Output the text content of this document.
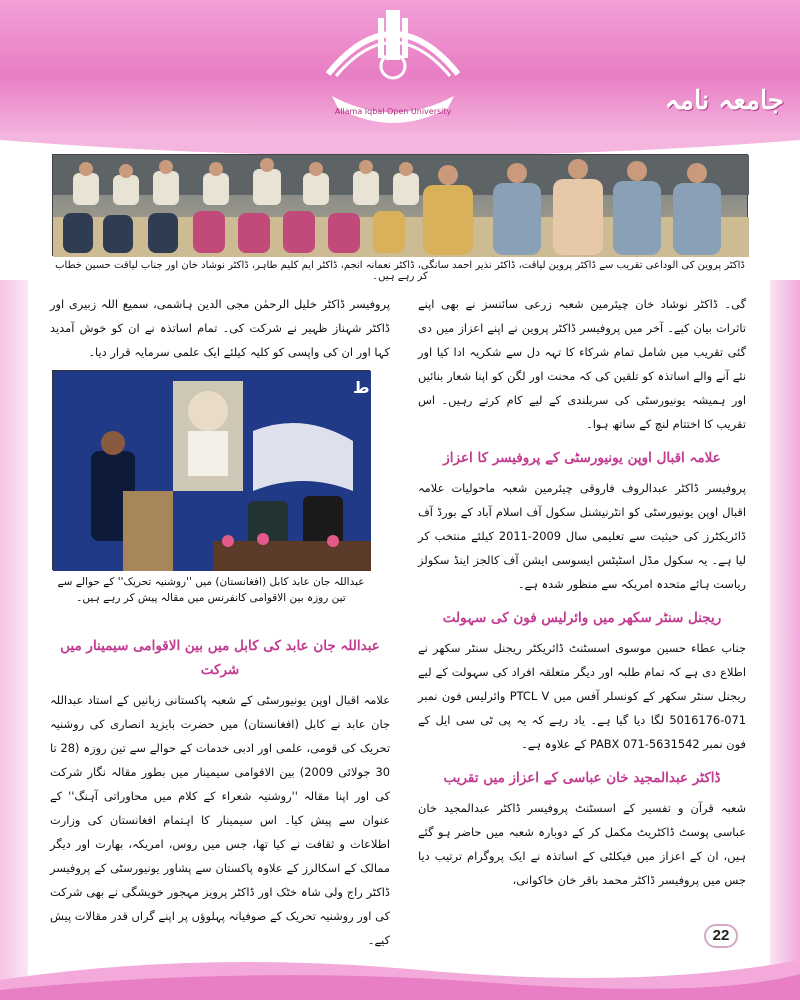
Allama Iqbal Open University	جامعہ نامہ
ڈاکٹر پروین کی الوداعی تقریب سے ڈاکٹر پروین لیاقت، ڈاکٹر نذیر احمد سانگی، ڈاکٹر نعمانہ انجم، ڈاکٹر ایم کلیم طاہر، ڈاکٹر نوشاد خان اور جناب لیاقت حسین خطاب کر رہے ہیں۔

گی۔ ڈاکٹر نوشاد خان چیئرمین شعبہ زرعی سائنسز نے بھی اپنے تاثرات بیان کیے۔ آخر میں پروفیسر ڈاکٹر پروین نے اپنے اعزاز میں دی گئی تقریب میں شامل تمام شرکاء کا تہہ دل سے شکریہ ادا کیا اور نئے آنے والے اساتذہ کو تلقین کی کہ محنت اور لگن کو اپنا شعار بنائیں اور ہمیشہ یونیورسٹی کی سربلندی کے لیے کام کرتے رہیں۔ اس تقریب کا اختتام لنچ کے ساتھ ہوا۔

علامہ اقبال اوپن یونیورسٹی کے پروفیسر کا اعزاز

پروفیسر ڈاکٹر عبدالروف فاروقی چیئرمین شعبہ ماحولیات علامہ اقبال اوپن یونیورسٹی کو انٹرنیشنل سکول آف اسلام آباد کے بورڈ آف ڈائریکٹرز کی حیثیت سے تعلیمی سال 2009-2011 کیلئے منتخب کر لیا ہے۔ یہ سکول مڈل اسٹیٹس ایسوسی ایشن آف کالجز اینڈ سکولز ریاست ہائے متحدہ امریکہ سے منظور شدہ ہے۔

ریجنل سنٹر سکھر میں وائرلیس فون کی سہولت

جناب عطاء حسین موسوی اسسٹنٹ ڈائریکٹر ریجنل سنٹر سکھر نے اطلاع دی ہے کہ تمام طلبہ اور دیگر متعلقہ افراد کی سہولت کے لیے ریجنل سنٹر سکھر کے کونسلر آفس میں PTCL V وائرلیس فون نمبر 071-5016176 لگا دیا گیا ہے۔ یاد رہے کہ یہ پی ٹی سی ایل کے فون نمبر PABX 071-5631542 کے علاوہ ہے۔

ڈاکٹر عبدالمجید خان عباسی کے اعزاز میں تقریب

شعبہ قرآن و تفسیر کے اسسٹنٹ پروفیسر ڈاکٹر عبدالمجید خان عباسی پوسٹ ڈاکٹریٹ مکمل کر کے دوبارہ شعبہ میں حاضر ہو گئے ہیں، ان کے اعزاز میں فیکلٹی کے اساتذہ نے ایک پروگرام ترتیب دیا جس میں پروفیسر ڈاکٹر محمد باقر خان خاکوانی،

پروفیسر ڈاکٹر خلیل الرحمٰن مجی الدین ہاشمی، سمیع اللہ زبیری اور ڈاکٹر شہناز ظہیر نے شرکت کی۔ تمام اساتذہ نے ان کو خوش آمدید کہا اور ان کی واپسی کو کلیہ کیلئے ایک علمی سرمایہ قرار دیا۔

وزارت اط
عبداللہ جان عابد کابل (افغانستان) میں ''روشنیہ تحریک'' کے حوالے سے تین روزہ بین الاقوامی کانفرنس میں مقالہ پیش کر رہے ہیں۔
عبداللہ جان عابد کی کابل میں بین الاقوامی سیمینار میں شرکت

علامہ اقبال اوپن یونیورسٹی کے شعبہ پاکستانی زبانیں کے استاد عبداللہ جان عابد نے کابل (افغانستان) میں حضرت بایزید انصاری کی روشنیہ تحریک کی قومی، علمی اور ادبی خدمات کے حوالے سے تین روزہ (28 تا 30 جولائی 2009) بین الاقوامی سیمینار میں بطور مقالہ نگار شرکت کی اور اپنا مقالہ ''روشنیہ شعراء کے کلام میں محاوراتی آہنگ'' کے عنوان سے پیش کیا۔ اس سیمینار کا اہتمام افغانستان کی وزارت اطلاعات و ثقافت نے کیا تھا، جس میں روس، امریکہ، بھارت اور دیگر ممالک کے اسکالرز کے علاوہ پاکستان سے پشاور یونیورسٹی کے پروفیسر ڈاکٹر راج ولی شاہ خٹک اور ڈاکٹر پرویز مہجور خویشگی نے بھی شرکت کی اور روشنیہ تحریک کے صوفیانہ پہلوؤں پر اپنے گراں قدر مقالات پیش کیے۔	22
